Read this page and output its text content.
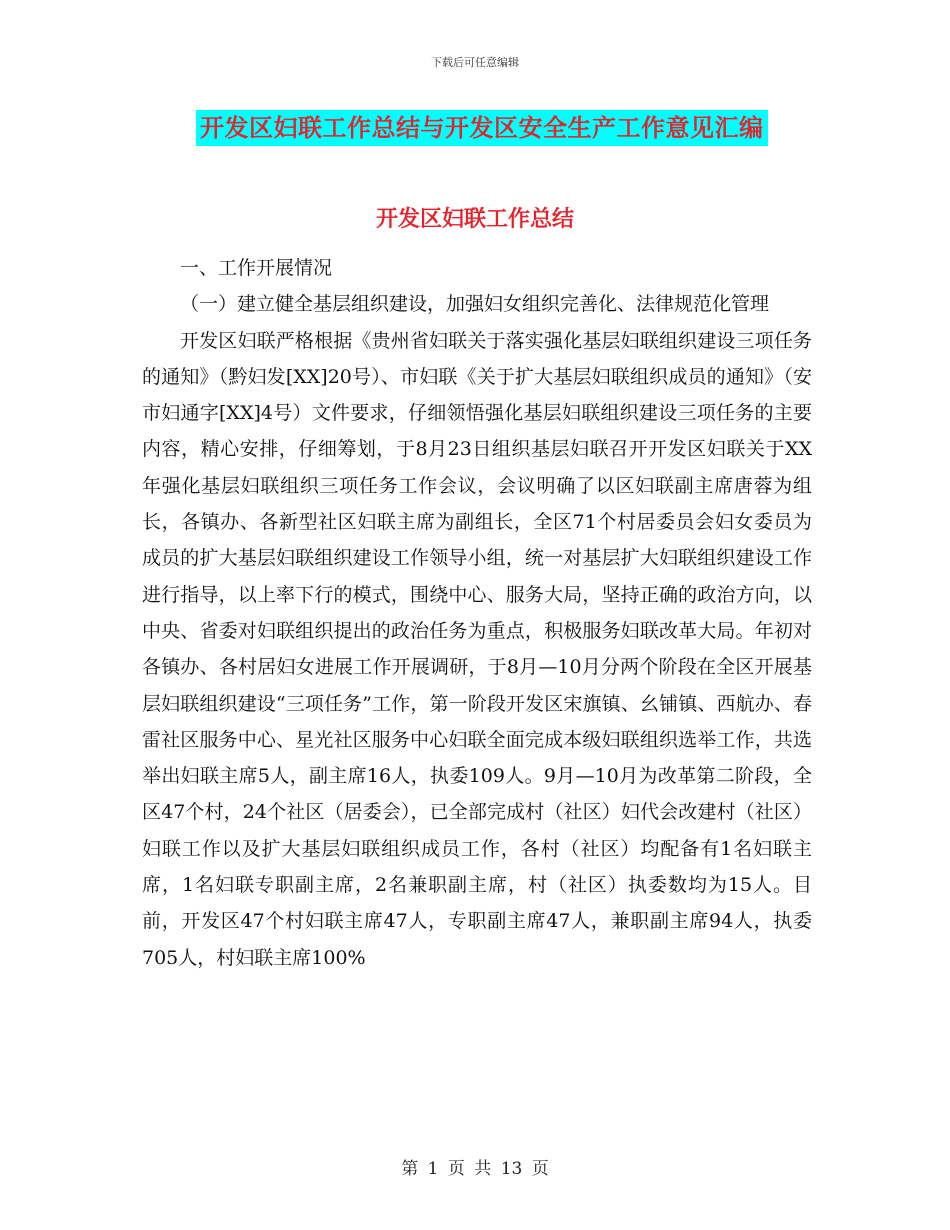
下载后可任意编辑
开发区妇联工作总结与开发区安全生产工作意见汇编
开发区妇联工作总结

一、工作开展情况

（一）建立健全基层组织建设，加强妇女组织完善化、法律规范化管理

开发区妇联严格根据《贵州省妇联关于落实强化基层妇联组织建设三项任务的通知》（黔妇发[XX]20号）、市妇联《关于扩大基层妇联组织成员的通知》（安市妇通字[XX]4号）文件要求，仔细领悟强化基层妇联组织建设三项任务的主要内容，精心安排，仔细筹划，于8月23日组织基层妇联召开开发区妇联关于XX年强化基层妇联组织三项任务工作会议，会议明确了以区妇联副主席唐蓉为组长，各镇办、各新型社区妇联主席为副组长，全区71个村居委员会妇女委员为成员的扩大基层妇联组织建设工作领导小组，统一对基层扩大妇联组织建设工作进行指导，以上率下行的模式，围绕中心、服务大局，坚持正确的政治方向，以中央、省委对妇联组织提出的政治任务为重点，积极服务妇联改革大局。年初对各镇办、各村居妇女进展工作开展调研，于8月—10月分两个阶段在全区开展基层妇联组织建设“三项任务”工作，第一阶段开发区宋旗镇、幺铺镇、西航办、春雷社区服务中心、星光社区服务中心妇联全面完成本级妇联组织选举工作，共选举出妇联主席5人，副主席16人，执委109人。9月—10月为改革第二阶段，全区47个村，24个社区（居委会），已全部完成村（社区）妇代会改建村（社区）妇联工作以及扩大基层妇联组织成员工作，各村（社区）均配备有1名妇联主席，1名妇联专职副主席，2名兼职副主席，村（社区）执委数均为15人。目前，开发区47个村妇联主席47人，专职副主席47人，兼职副主席94人，执委705人，村妇联主席100%

第 1 页 共 13 页
